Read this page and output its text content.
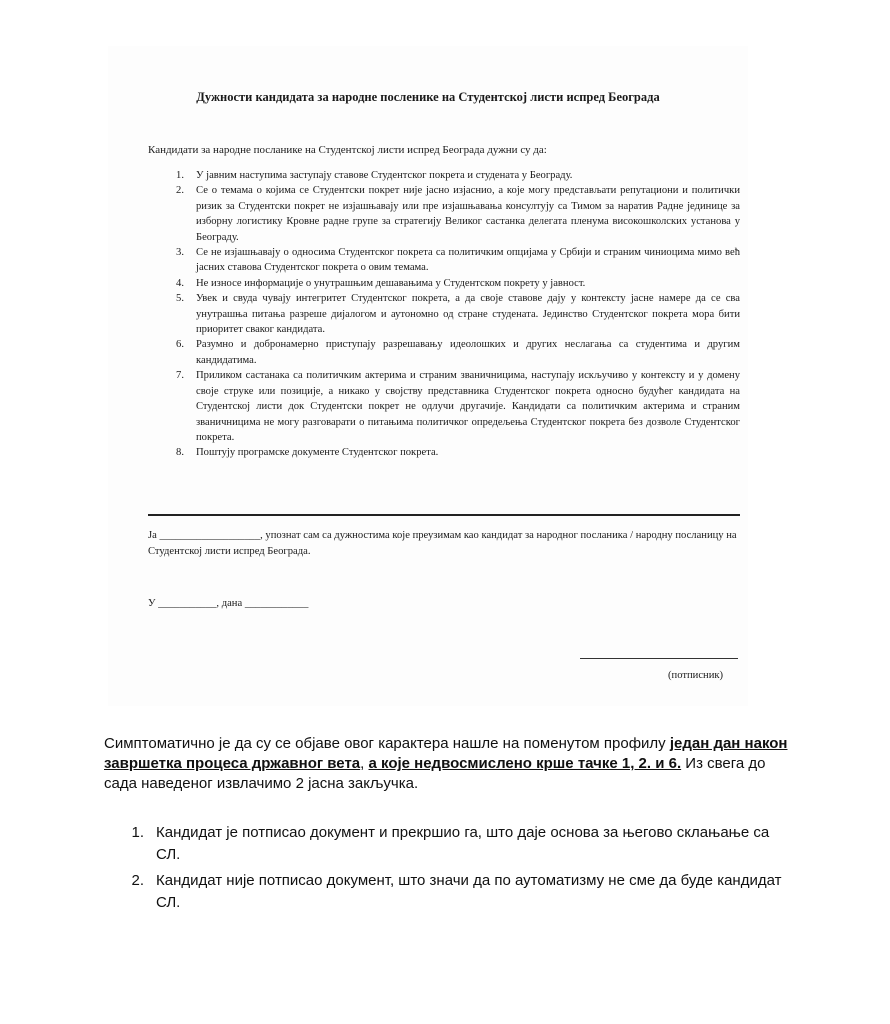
Дужности кандидата за народне посленике на Студентској листи испред Београда

Кандидати за народне посланике на Студентској листи испред Београда дужни су да:

1.	У јавним наступима заступају ставове Студентског покрета и студената у Београду.
2.	Се о темама о којима се Студентски покрет није јасно изјаснио, а које могу представљати репутациони и политички ризик за Студентски покрет не изјашњавају или пре изјашњавања консултују са Тимом за наратив Радне јединице за изборну логистику Кровне радне групе за стратегију Великог састанка делегата пленума високошколских установа у Београду.
3.	Се не изјашњавају о односима Студентског покрета са политичким опцијама у Србији и страним чиниоцима мимо већ јасних ставова Студентског покрета о овим темама.
4.	Не износе информације о унутрашњим дешавањима у Студентском покрету у јавност.
5.	Увек и свуда чувају интегритет Студентског покрета, а да своје ставове дају у контексту јасне намере да се сва унутрашња питања разреше дијалогом и аутономно од стране студената. Јединство Студентског покрета мора бити приоритет сваког кандидата.
6.	Разумно и добронамерно приступају разрешавању идеолошких и других неслагања са студентима и другим кандидатима.
7.	Приликом састанака са политичким актерима и страним званичницима, наступају искључиво у контексту и у домену своје струке или позиције, а никако у својству представника Студентског покрета односно будућег кандидата на Студентској листи док Студентски покрет не одлучи другачије. Кандидати са политичким актерима и страним званичницима не могу разговарати о питањима политичког опредељења Студентског покрета без дозволе Студентског покрета.
8.	Поштују програмске документе Студентског покрета.

Ја ___________________, упознат сам са дужностима које преузимам као кандидат за народног посланика / народну посланицу на Студентској листи испред Београда.

У ___________, дана ____________

(потписник)

Симптоматично је да су се објаве овог карактера нашле на поменутом профилу један дан након завршетка процеса државног вета, а које недвосмислено крше тачке 1, 2. и 6. Из свега до сада наведеног извлачимо 2 јасна закључка.

1. Кандидат је потписао документ и прекршио га, што даје основа за његово склањање са СЛ.
2. Кандидат није потписао документ, што значи да по аутоматизму не сме да буде кандидат СЛ.
